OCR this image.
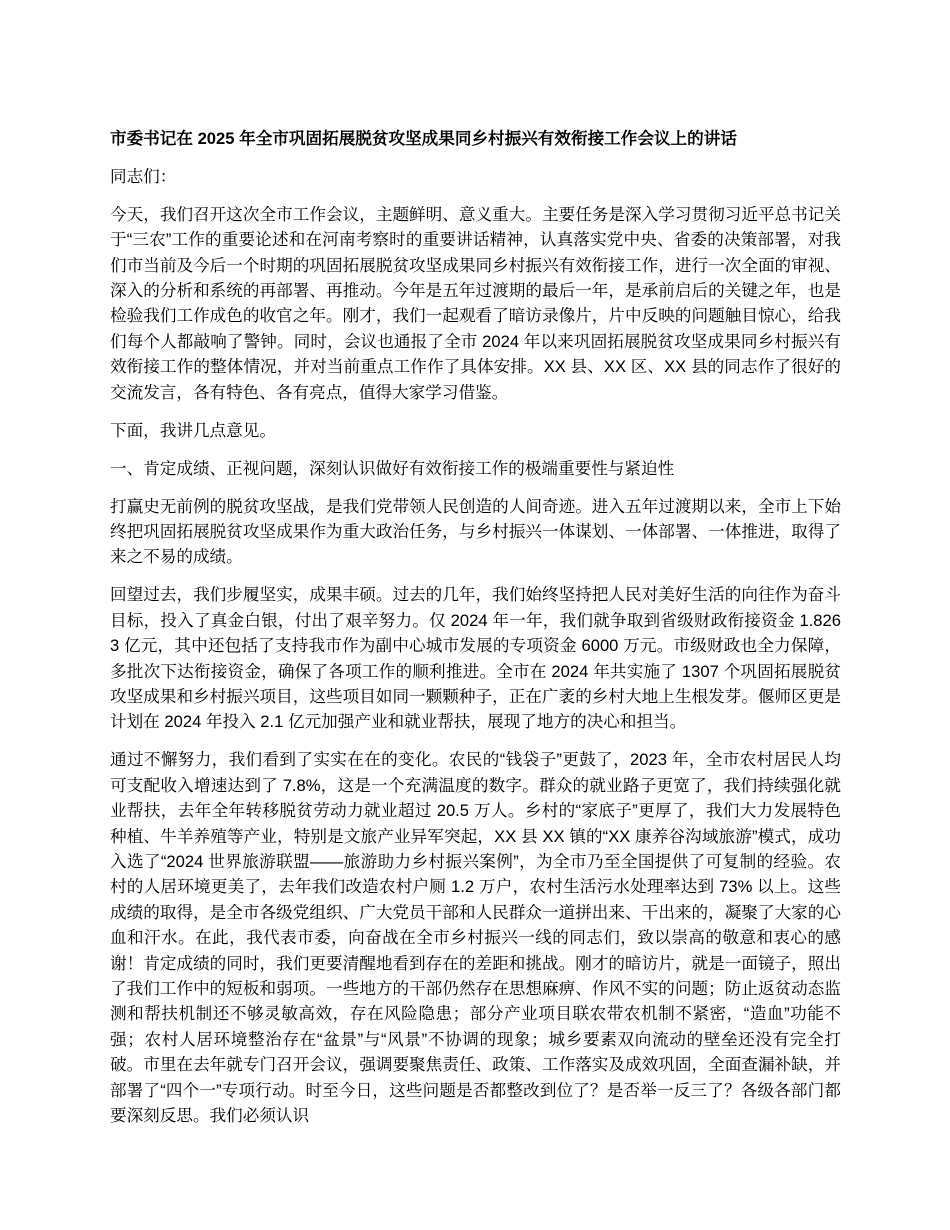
市委书记在 2025 年全市巩固拓展脱贫攻坚成果同乡村振兴有效衔接工作会议上的讲话

同志们：

今天，我们召开这次全市工作会议，主题鲜明、意义重大。主要任务是深入学习贯彻习近平总书记关于“三农”工作的重要论述和在河南考察时的重要讲话精神，认真落实党中央、省委的决策部署，对我们市当前及今后一个时期的巩固拓展脱贫攻坚成果同乡村振兴有效衔接工作，进行一次全面的审视、深入的分析和系统的再部署、再推动。今年是五年过渡期的最后一年，是承前启后的关键之年，也是检验我们工作成色的收官之年。刚才，我们一起观看了暗访录像片，片中反映的问题触目惊心，给我们每个人都敲响了警钟。同时，会议也通报了全市 2024 年以来巩固拓展脱贫攻坚成果同乡村振兴有效衔接工作的整体情况，并对当前重点工作作了具体安排。XX 县、XX 区、XX 县的同志作了很好的交流发言，各有特色、各有亮点，值得大家学习借鉴。

下面，我讲几点意见。

一、肯定成绩、正视问题，深刻认识做好有效衔接工作的极端重要性与紧迫性

打赢史无前例的脱贫攻坚战，是我们党带领人民创造的人间奇迹。进入五年过渡期以来，全市上下始终把巩固拓展脱贫攻坚成果作为重大政治任务，与乡村振兴一体谋划、一体部署、一体推进，取得了来之不易的成绩。

回望过去，我们步履坚实，成果丰硕。过去的几年，我们始终坚持把人民对美好生活的向往作为奋斗目标，投入了真金白银，付出了艰辛努力。仅 2024 年一年，我们就争取到省级财政衔接资金 1.8263 亿元，其中还包括了支持我市作为副中心城市发展的专项资金 6000 万元。市级财政也全力保障，多批次下达衔接资金，确保了各项工作的顺利推进。全市在 2024 年共实施了 1307 个巩固拓展脱贫攻坚成果和乡村振兴项目，这些项目如同一颗颗种子，正在广袤的乡村大地上生根发芽。偃师区更是计划在 2024 年投入 2.1 亿元加强产业和就业帮扶，展现了地方的决心和担当。

通过不懈努力，我们看到了实实在在的变化。农民的“钱袋子”更鼓了，2023 年，全市农村居民人均可支配收入增速达到了 7.8%，这是一个充满温度的数字。群众的就业路子更宽了，我们持续强化就业帮扶，去年全年转移脱贫劳动力就业超过 20.5 万人。乡村的“家底子”更厚了，我们大力发展特色种植、牛羊养殖等产业，特别是文旅产业异军突起，XX 县 XX 镇的“XX 康养谷沟域旅游”模式，成功入选了“2024 世界旅游联盟——旅游助力乡村振兴案例”，为全市乃至全国提供了可复制的经验。农村的人居环境更美了，去年我们改造农村户厕 1.2 万户，农村生活污水处理率达到 73% 以上。这些成绩的取得，是全市各级党组织、广大党员干部和人民群众一道拼出来、干出来的，凝聚了大家的心血和汗水。在此，我代表市委，向奋战在全市乡村振兴一线的同志们，致以崇高的敬意和衷心的感谢！肯定成绩的同时，我们更要清醒地看到存在的差距和挑战。刚才的暗访片，就是一面镜子，照出了我们工作中的短板和弱项。一些地方的干部仍然存在思想麻痹、作风不实的问题；防止返贫动态监测和帮扶机制还不够灵敏高效，存在风险隐患；部分产业项目联农带农机制不紧密，“造血”功能不强；农村人居环境整治存在“盆景”与“风景”不协调的现象；城乡要素双向流动的壁垒还没有完全打破。市里在去年就专门召开会议，强调要聚焦责任、政策、工作落实及成效巩固，全面查漏补缺，并部署了“四个一”专项行动。时至今日，这些问题是否都整改到位了？是否举一反三了？各级各部门都要深刻反思。我们必须认识
